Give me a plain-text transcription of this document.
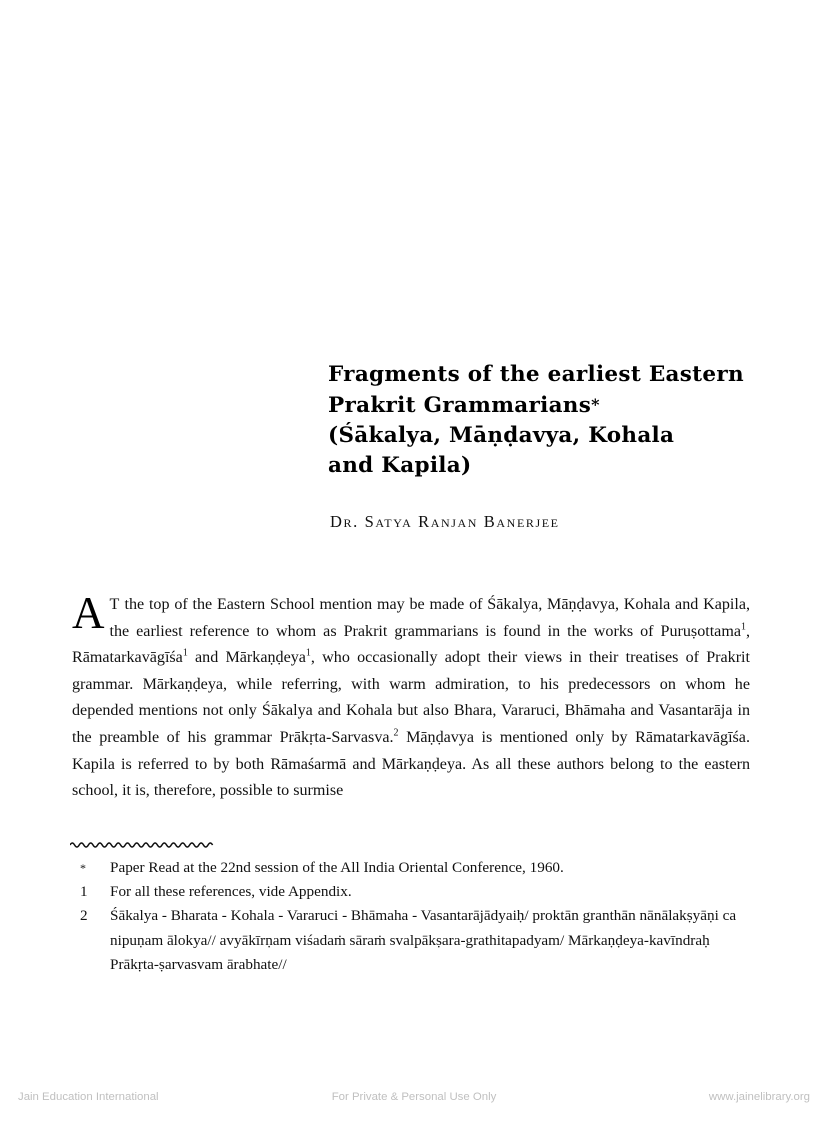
Fragments of the earliest Eastern
Prakrit Grammarians*
(Śākalya, Māṇḍavya, Kohala
and Kapila)
Dr. Satya Ranjan Banerjee

A T the top of the Eastern School mention may be made of Śākalya, Māṇḍavya, Kohala and Kapila, the earliest reference to whom as Prakrit grammarians is found in the works of Puruṣottama$^1$, Rāmatarkavāgīśa$^1$ and Mārkaṇḍeya$^1$, who occasionally adopt their views in their treatises of Prakrit grammar. Mārkaṇḍeya, while referring, with warm admiration, to his predecessors on whom he depended mentions not only Śākalya and Kohala but also Bhara, Vararuci, Bhāmaha and Vasantarāja in the preamble of his grammar Prākṛta-Sarvasva.$^2$ Māṇḍavya is mentioned only by Rāmatarkavāgīśa. Kapila is referred to by both Rāmaśarmā and Mārkaṇḍeya. As all these authors belong to the eastern school, it is, therefore, possible to surmise

*	Paper Read at the 22nd session of the All India Oriental Conference, 1960.
1	For all these references, vide Appendix.
2	Śākalya - Bharata - Kohala - Vararuci - Bhāmaha - Vasantarājādyaiḥ/ proktān granthān nānālakṣyāṇi ca nipuṇam ālokya// avyākīrṇam viśadaṁ sāraṁ svalpākṣara-grathitapadyam/ Mārkaṇḍeya-kavīndraḥ Prākṛta-ṣarvasvam ārabhate//
Jain Education International	For Private & Personal Use Only	www.jainelibrary.org
